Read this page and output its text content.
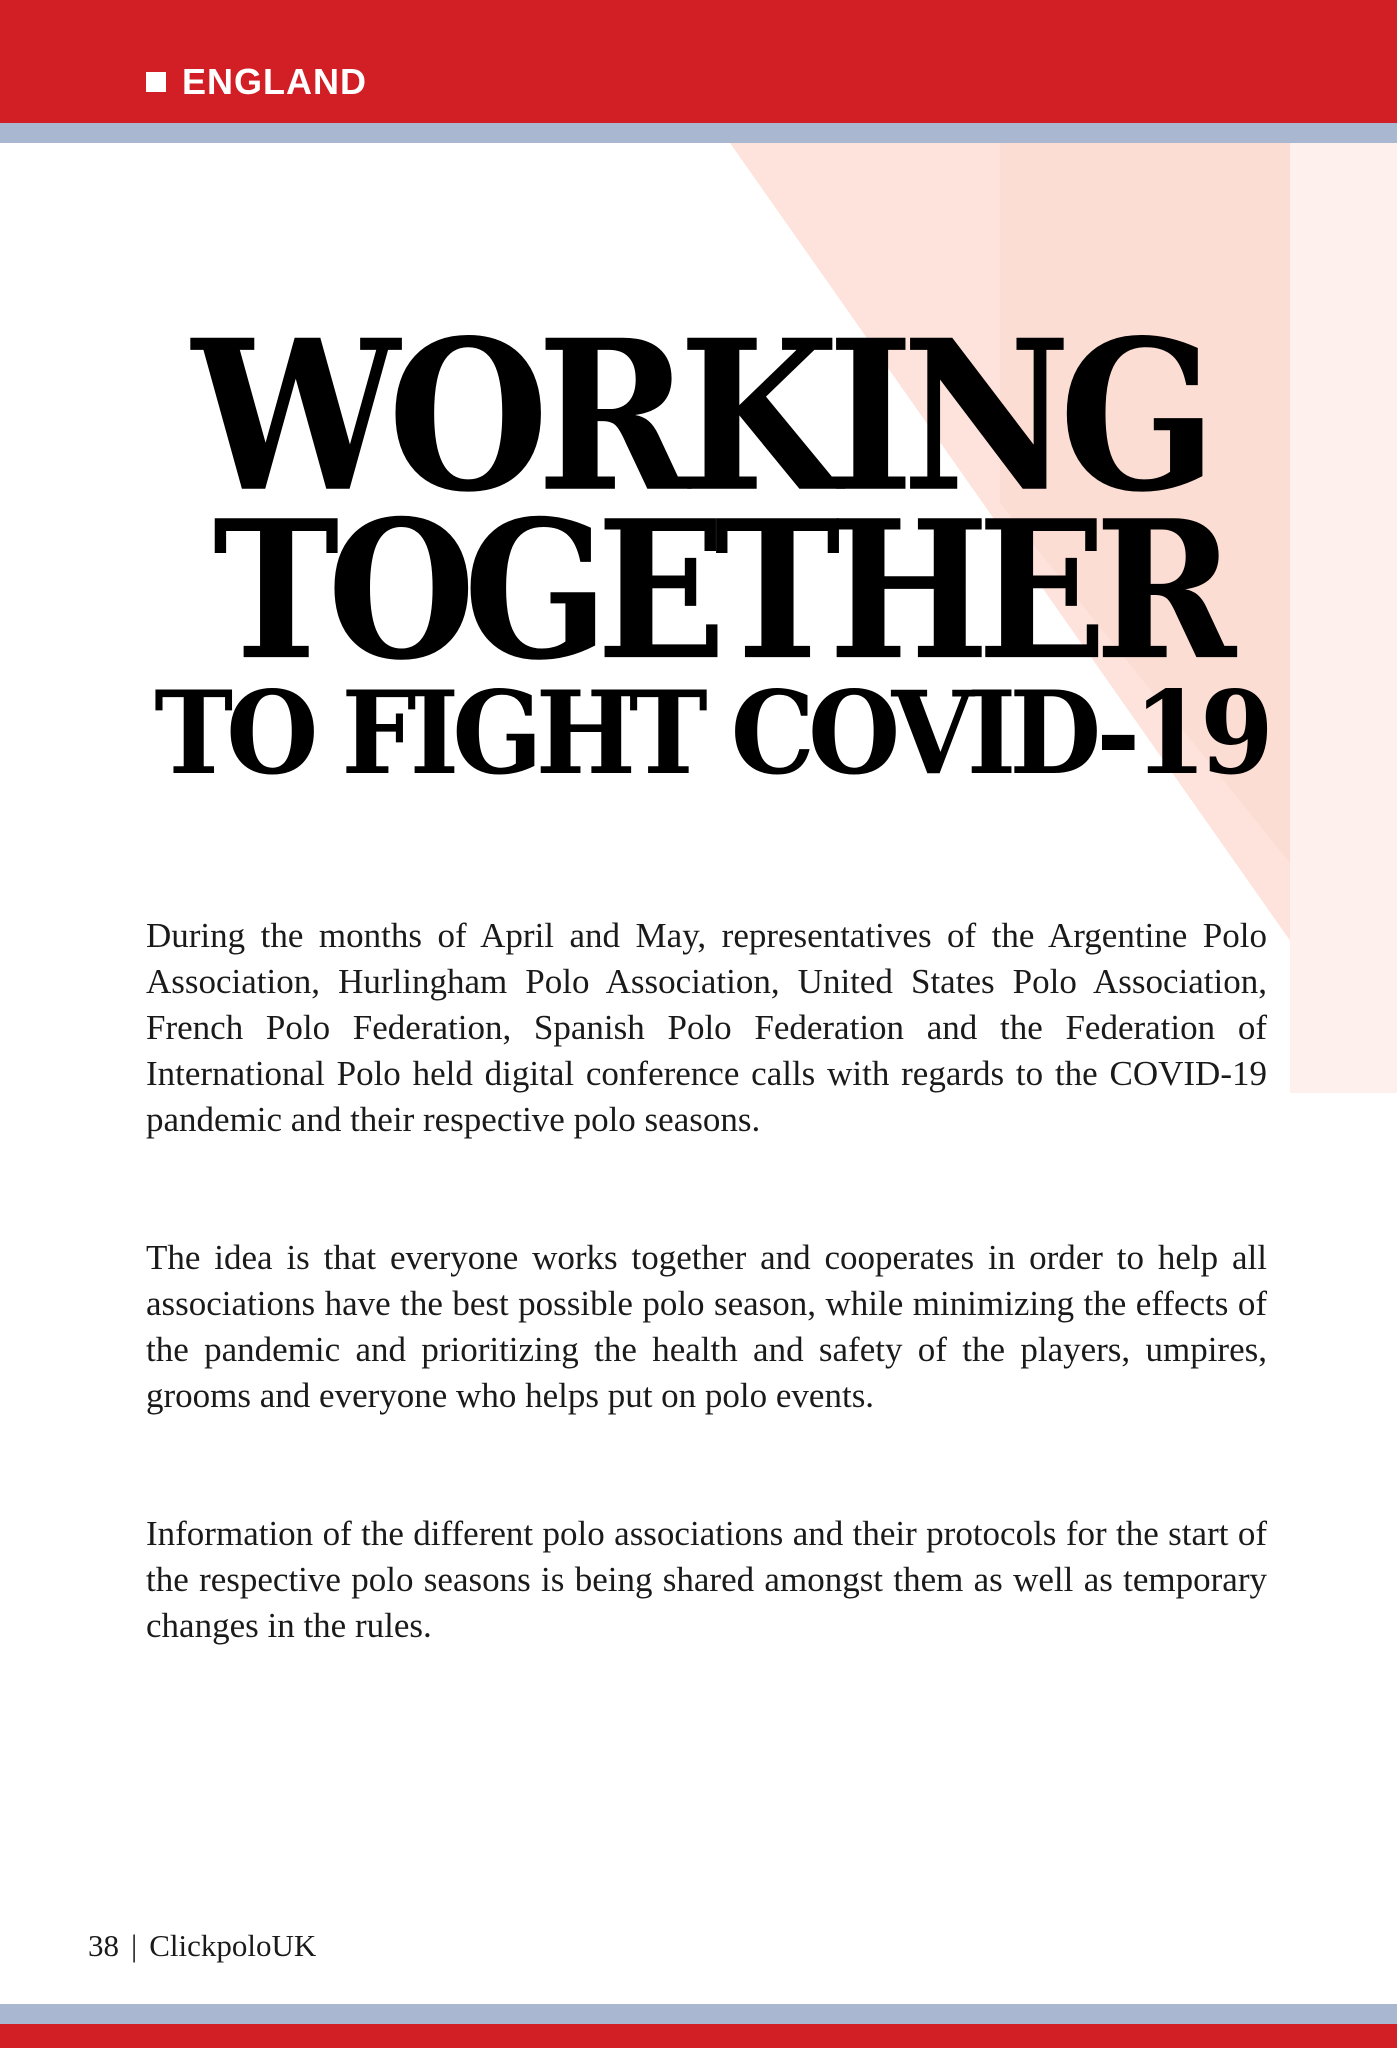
ENGLAND
WORKING
TOGETHER
TO FIGHT COVID-19

During the months of April and May, representatives of the Argentine Polo Association, Hurlingham Polo Association, United States Polo Association, French Polo Federation, Spanish Polo Federation and the Federation of International Polo held digital conference calls with regards to the COVID-19 pandemic and their respective polo seasons.

The idea is that everyone works together and cooperates in order to help all associations have the best possible polo season, while minimizing the effects of the pandemic and prioritizing the health and safety of the players, umpires, grooms and everyone who helps put on polo events.

Information of the different polo associations and their protocols for the start of the respective polo seasons is being shared amongst them as well as temporary changes in the rules.

38 | ClickpoloUK
